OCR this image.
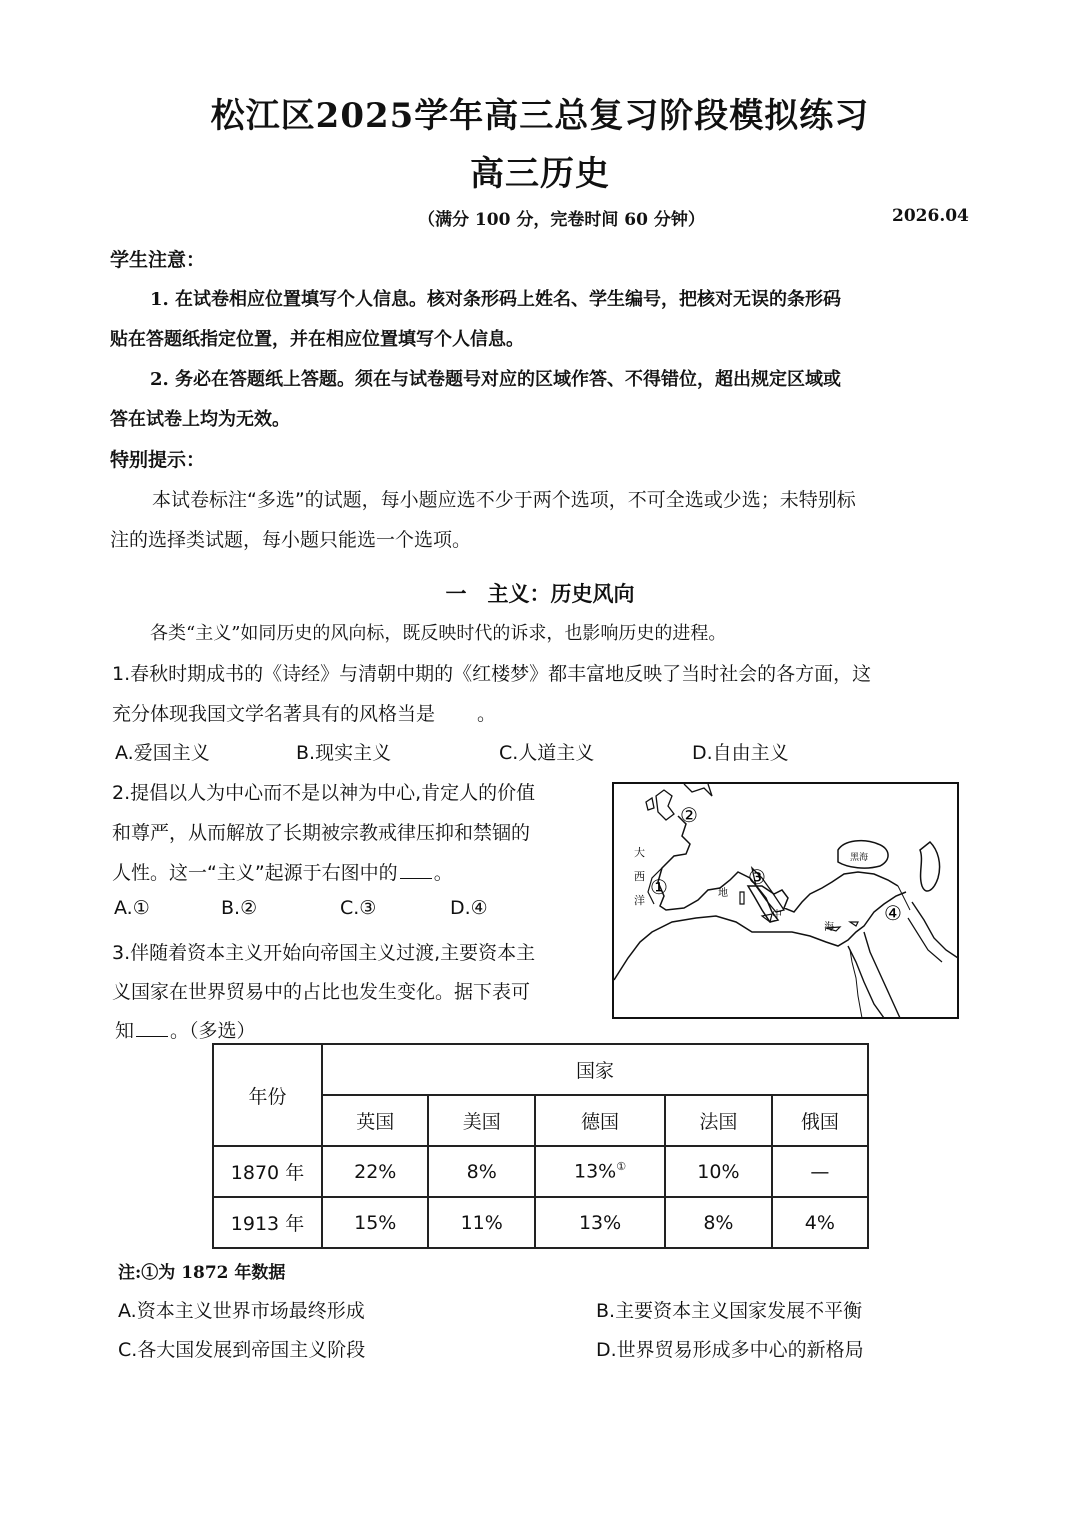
松江区2025学年高三总复习阶段模拟练习
高三历史
（满分 100 分，完卷时间 60 分钟）	2026.04
学生注意：
1. 在试卷相应位置填写个人信息。核对条形码上姓名、学生编号，把核对无误的条形码
贴在答题纸指定位置，并在相应位置填写个人信息。
2. 务必在答题纸上答题。须在与试卷题号对应的区域作答、不得错位，超出规定区域或
答在试卷上均为无效。
特别提示：
本试卷标注“多选”的试题，每小题应选不少于两个选项，不可全选或少选；未特别标
注的选择类试题，每小题只能选一个选项。
一　主义：历史风向
各类“主义”如同历史的风向标，既反映时代的诉求，也影响历史的进程。
1.春秋时期成书的《诗经》与清朝中期的《红楼梦》都丰富地反映了当时社会的各方面，这
充分体现我国文学名著具有的风格当是 。
A.爱国主义	B.现实主义	C.人道主义	D.自由主义
2.提倡以人为中心而不是以神为中心,肯定人的价值
和尊严，从而解放了长期被宗教戒律压抑和禁锢的
人性。这一“主义”起源于右图中的 。
A.①	B.②	C.③	D.④
大
西
洋
地
中
海
黑海
①
②
③
④
3.伴随着资本主义开始向帝国主义过渡,主要资本主
义国家在世界贸易中的占比也发生变化。据下表可
知 。（多选）
年份	国家				
	英国	美国	德国	法国	俄国
1870 年	22%	8%	13%①	10%	—
1913 年	15%	11%	13%	8%	4%
注:①为 1872 年数据
A.资本主义世界市场最终形成	B.主要资本主义国家发展不平衡
C.各大国发展到帝国主义阶段	D.世界贸易形成多中心的新格局
